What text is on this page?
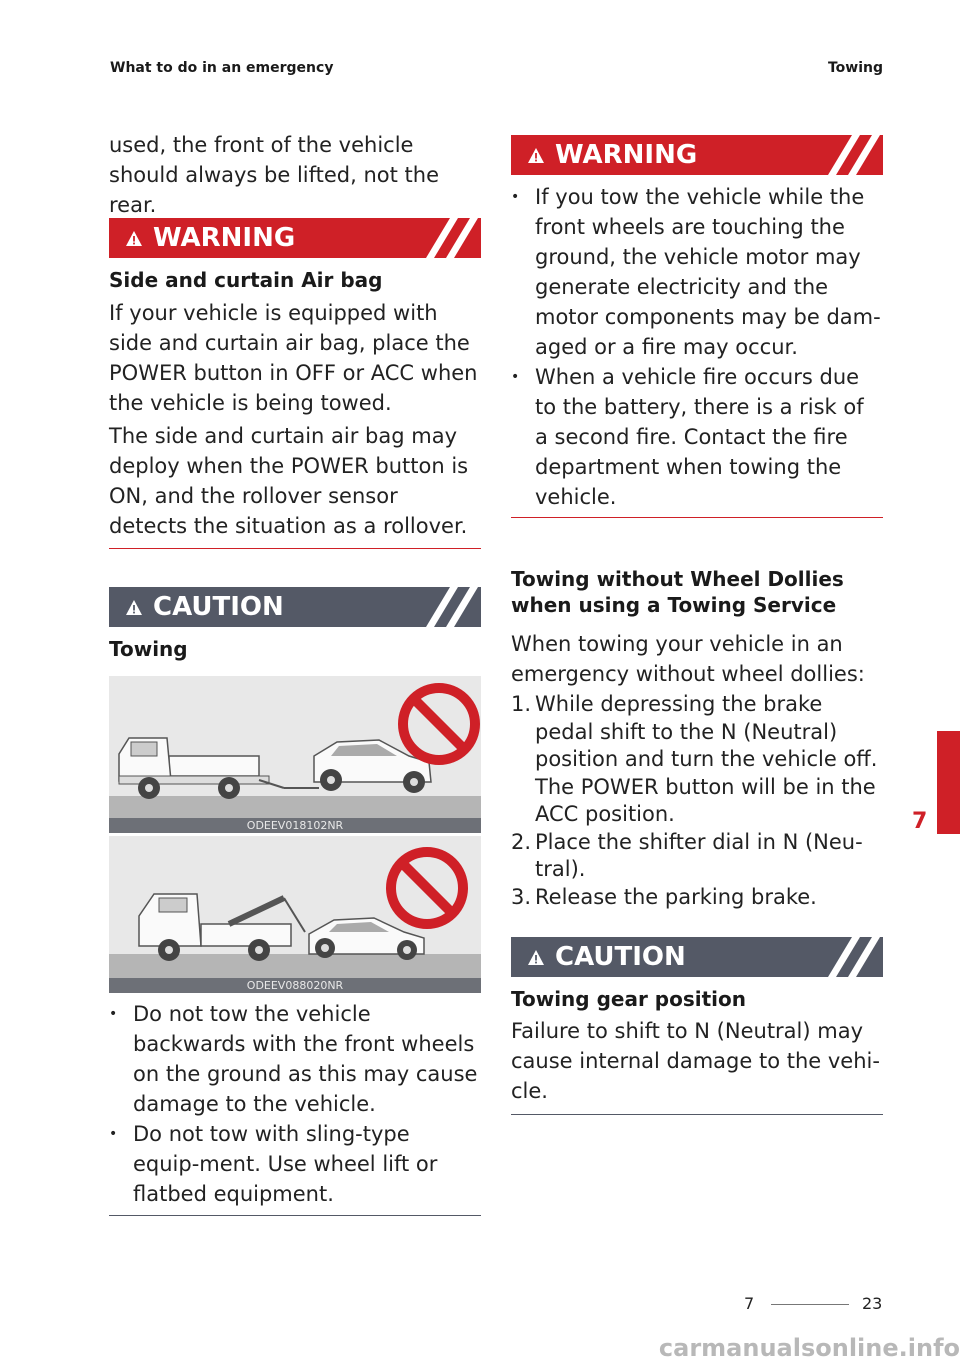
What to do in an emergency	Towing

used, the front of the vehicle should always be lifted, not the rear.

WARNING
Side and curtain Air bag

If your vehicle is equipped with side and curtain air bag, place the POWER button in OFF or ACC when the vehicle is being towed.

The side and curtain air bag may deploy when the POWER button is ON, and the rollover sensor detects the situation as a rollover.

CAUTION
Towing
• Do not tow the vehicle backwards with the front wheels on the ground as this may cause damage to the vehicle.
• Do not tow with sling-type equip-ment. Use wheel lift or flatbed equipment.
ODEEV018102NR
ODEEV088020NR
WARNING
• If you tow the vehicle while the front wheels are touching the ground, the vehicle motor may generate electricity and the motor components may be dam-aged or a fire may occur.
• When a vehicle fire occurs due to the battery, there is a risk of a second fire. Contact the fire department when towing the vehicle.
Towing without Wheel Dollies when using a Towing Service

When towing your vehicle in an emergency without wheel dollies:

1. While depressing the brake pedal shift to the N (Neutral) position and turn the vehicle off. The POWER button will be in the ACC position.
2. Place the shifter dial in N (Neu-tral).
3. Release the parking brake.
CAUTION
Towing gear position

Failure to shift to N (Neutral) may cause internal damage to the vehi-cle.

7
7	23
carmanualsonline.info
